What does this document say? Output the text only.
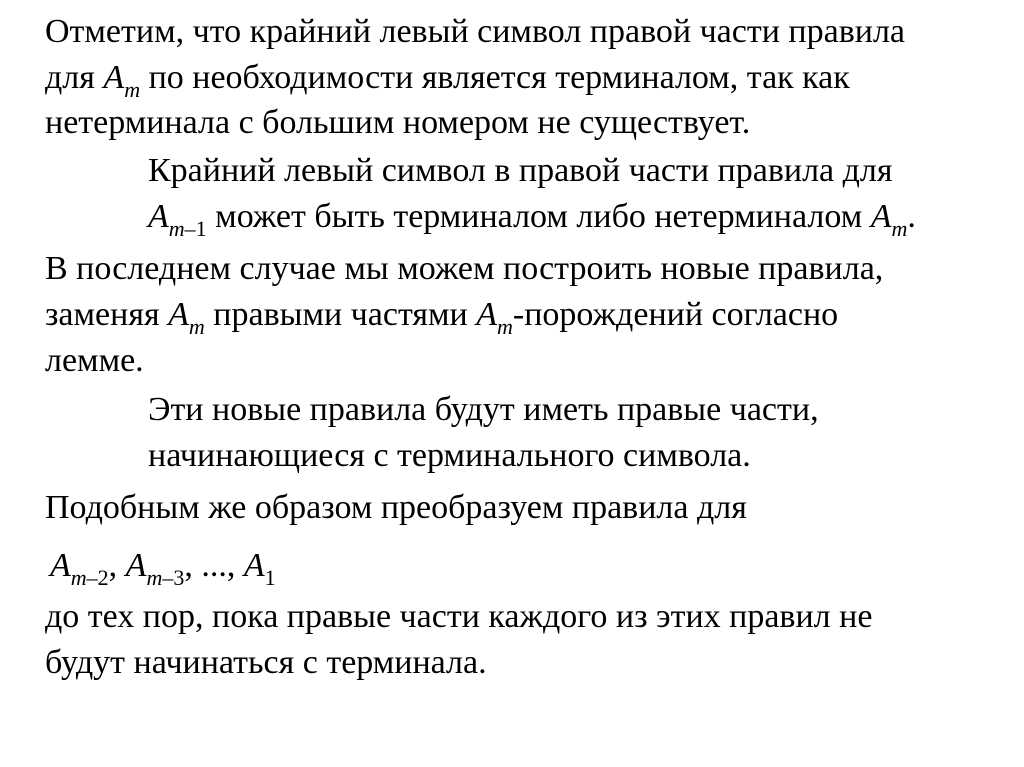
Отметим, что крайний левый символ правой части правила
для $A_m$ по необходимости является терминалом, так как
нетерминала с большим номером не существует.
Крайний левый символ в правой части правила для
$A_{m-1}$ может быть терминалом либо нетерминалом $A_m$.
В последнем случае мы можем построить новые правила,
заменяя $A_m$ правыми частями $A_m$-порождений согласно
лемме.
Эти новые правила будут иметь правые части,
начинающиеся с терминального символа.
Подобным же образом преобразуем правила для
$A_{m-2}$, $A_{m-3}$, ..., $A_1$
до тех пор, пока правые части каждого из этих правил не
будут начинаться с терминала.
